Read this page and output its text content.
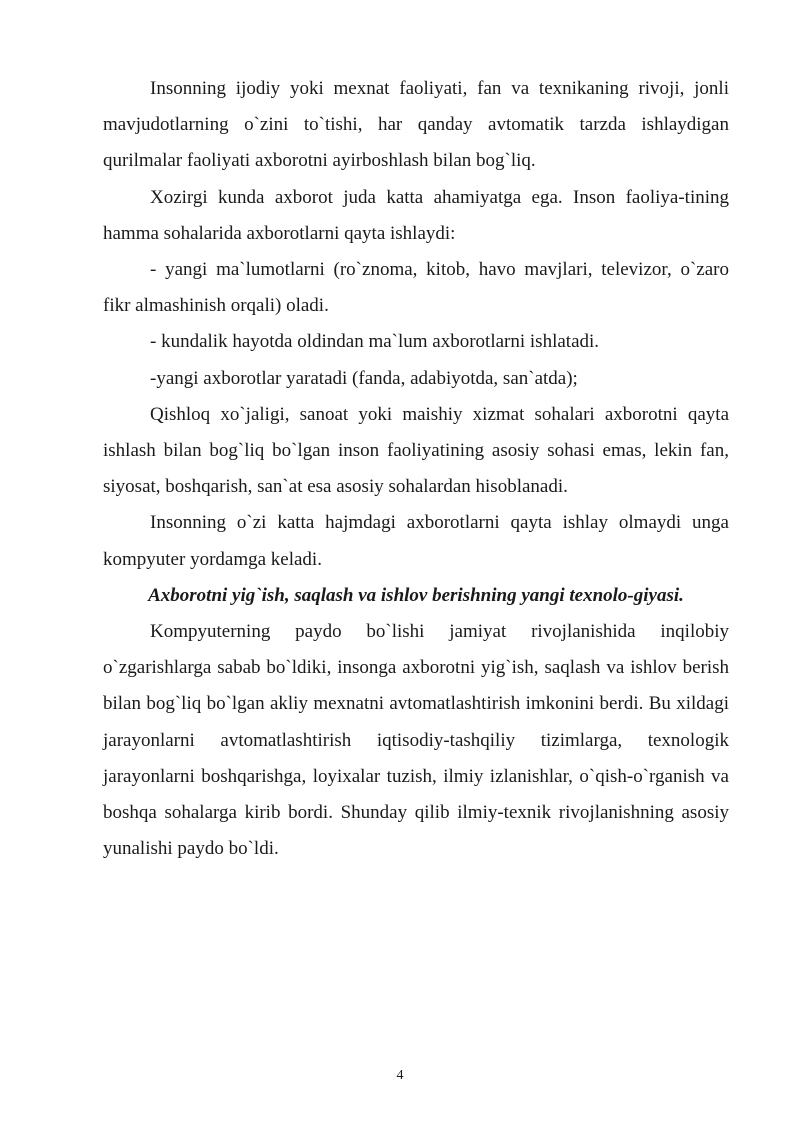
Insonning ijodiy yoki mexnat faoliyati, fan va texnikaning rivoji, jonli mavjudotlarning o`zini to`tishi, har qanday avtomatik tarzda ishlaydigan qurilmalar faoliyati axborotni ayirboshlash bilan bog`liq.

Xozirgi kunda axborot juda katta ahamiyatga ega. Inson faoliya-tining hamma sohalarida axborotlarni qayta ishlaydi:

- yangi ma`lumotlarni (ro`znoma, kitob, havo mavjlari, televizor, o`zaro fikr almashinish orqali) oladi.

- kundalik hayotda oldindan ma`lum axborotlarni ishlatadi.

-yangi axborotlar yaratadi (fanda, adabiyotda, san`atda);

Qishloq xo`jaligi, sanoat yoki maishiy xizmat sohalari axborotni qayta ishlash bilan bog`liq bo`lgan inson faoliyatining asosiy sohasi emas, lekin fan, siyosat, boshqarish, san`at esa asosiy sohalardan hisoblanadi.

Insonning o`zi katta hajmdagi axborotlarni qayta ishlay olmaydi unga kompyuter yordamga keladi.

Axborotni yig`ish, saqlash va ishlov berishning yangi texnolo-giyasi.

Kompyuterning paydo bo`lishi jamiyat rivojlanishida inqilobiy o`zgarishlarga sabab bo`ldiki, insonga axborotni yig`ish, saqlash va ishlov berish bilan bog`liq bo`lgan akliy mexnatni avtomatlashtirish imkonini berdi. Bu xildagi jarayonlarni avtomatlashtirish iqtisodiy-tashqiliy tizimlarga, texnologik jarayonlarni boshqarishga, loyixalar tuzish, ilmiy izlanishlar, o`qish-o`rganish va boshqa sohalarga kirib bordi. Shunday qilib ilmiy-texnik rivojlanishning asosiy yunalishi paydo bo`ldi.

4
